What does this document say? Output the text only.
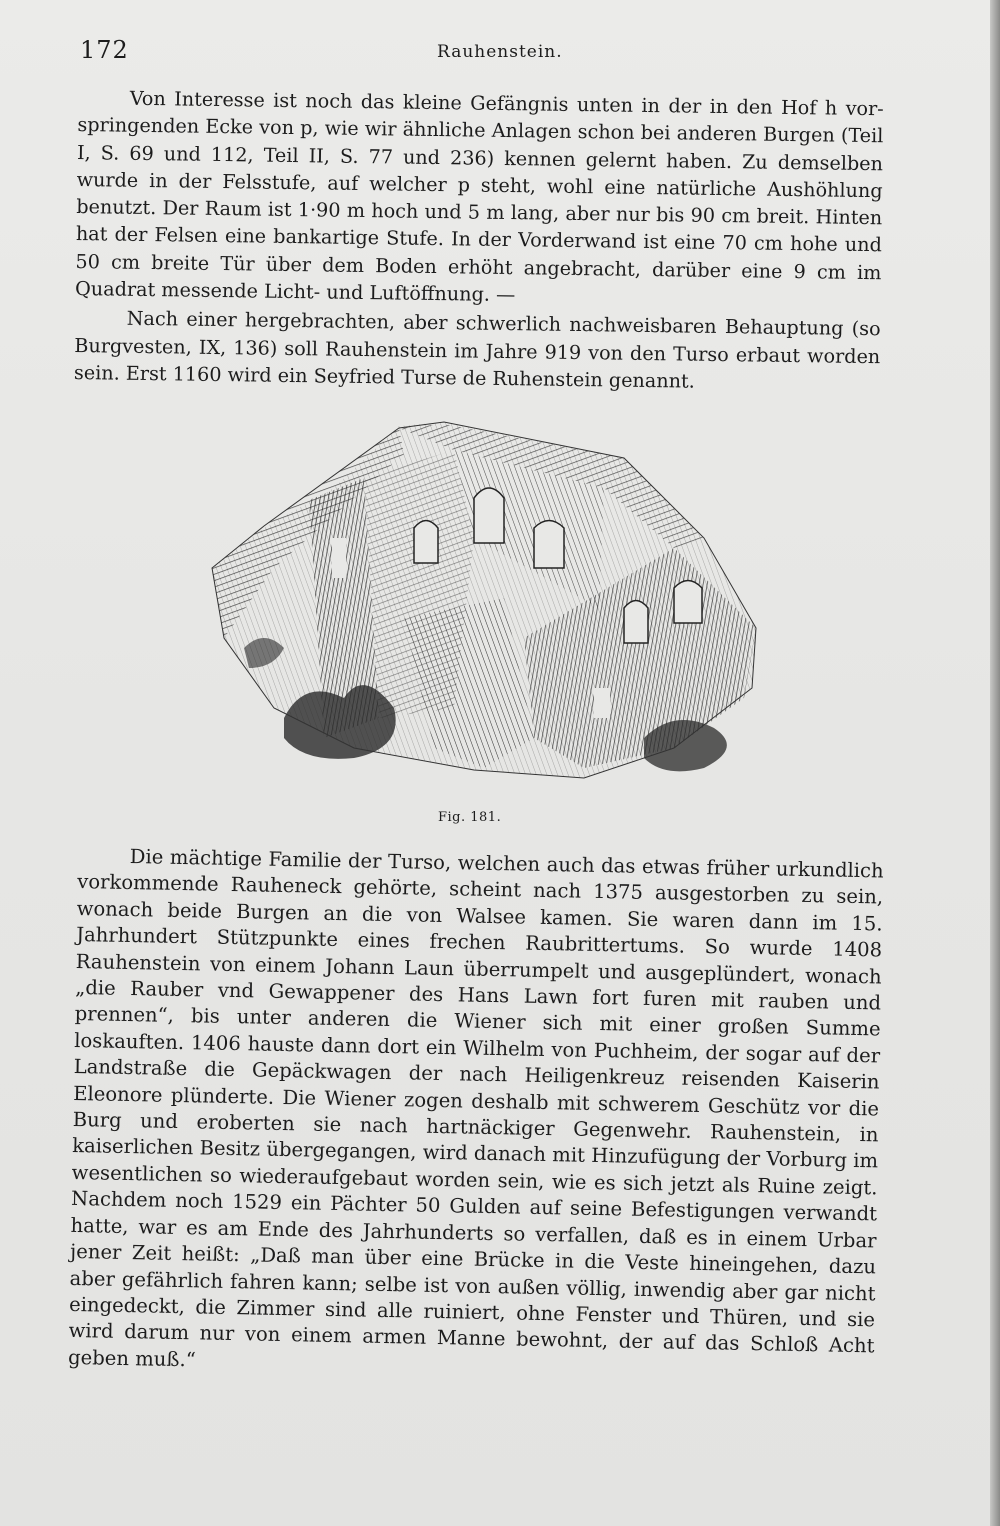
172	Rauhenstein.

Von Interesse ist noch das kleine Gefängnis unten in der in den Hof h vorspringenden Ecke von p, wie wir ähnliche Anlagen schon bei anderen Burgen (Teil I, S. 69 und 112, Teil II, S. 77 und 236) kennen gelernt haben. Zu demselben wurde in der Felsstufe, auf welcher p steht, wohl eine natürliche Aushöhlung benutzt. Der Raum ist 1·90 m hoch und 5 m lang, aber nur bis 90 cm breit. Hinten hat der Felsen eine bankartige Stufe. In der Vorderwand ist eine 70 cm hohe und 50 cm breite Tür über dem Boden erhöht angebracht, darüber eine 9 cm im Quadrat messende Licht- und Luftöffnung. —

Nach einer hergebrachten, aber schwerlich nachweisbaren Behauptung (so Burgvesten, IX, 136) soll Rauhenstein im Jahre 919 von den Turso erbaut worden sein. Erst 1160 wird ein Seyfried Turse de Ruhenstein genannt.

Fig. 181.

Die mächtige Familie der Turso, welchen auch das etwas früher urkundlich vorkommende Rauheneck gehörte, scheint nach 1375 ausgestorben zu sein, wonach beide Burgen an die von Walsee kamen. Sie waren dann im 15. Jahrhundert Stützpunkte eines frechen Raubrittertums. So wurde 1408 Rauhenstein von einem Johann Laun überrumpelt und ausgeplündert, wonach „die Rauber vnd Gewappener des Hans Lawn fort furen mit rauben und prennen“, bis unter anderen die Wiener sich mit einer großen Summe loskauften. 1406 hauste dann dort ein Wilhelm von Puchheim, der sogar auf der Landstraße die Gepäckwagen der nach Heiligenkreuz reisenden Kaiserin Eleonore plünderte. Die Wiener zogen deshalb mit schwerem Geschütz vor die Burg und eroberten sie nach hartnäckiger Gegenwehr. Rauhenstein, in kaiserlichen Besitz übergegangen, wird danach mit Hinzufügung der Vorburg im wesentlichen so wiederaufgebaut worden sein, wie es sich jetzt als Ruine zeigt. Nachdem noch 1529 ein Pächter 50 Gulden auf seine Befestigungen verwandt hatte, war es am Ende des Jahrhunderts so verfallen, daß es in einem Urbar jener Zeit heißt: „Daß man über eine Brücke in die Veste hineingehen, dazu aber gefährlich fahren kann; selbe ist von außen völlig, inwendig aber gar nicht eingedeckt, die Zimmer sind alle ruiniert, ohne Fenster und Thüren, und sie wird darum nur von einem armen Manne bewohnt, der auf das Schloß Acht geben muß.“
